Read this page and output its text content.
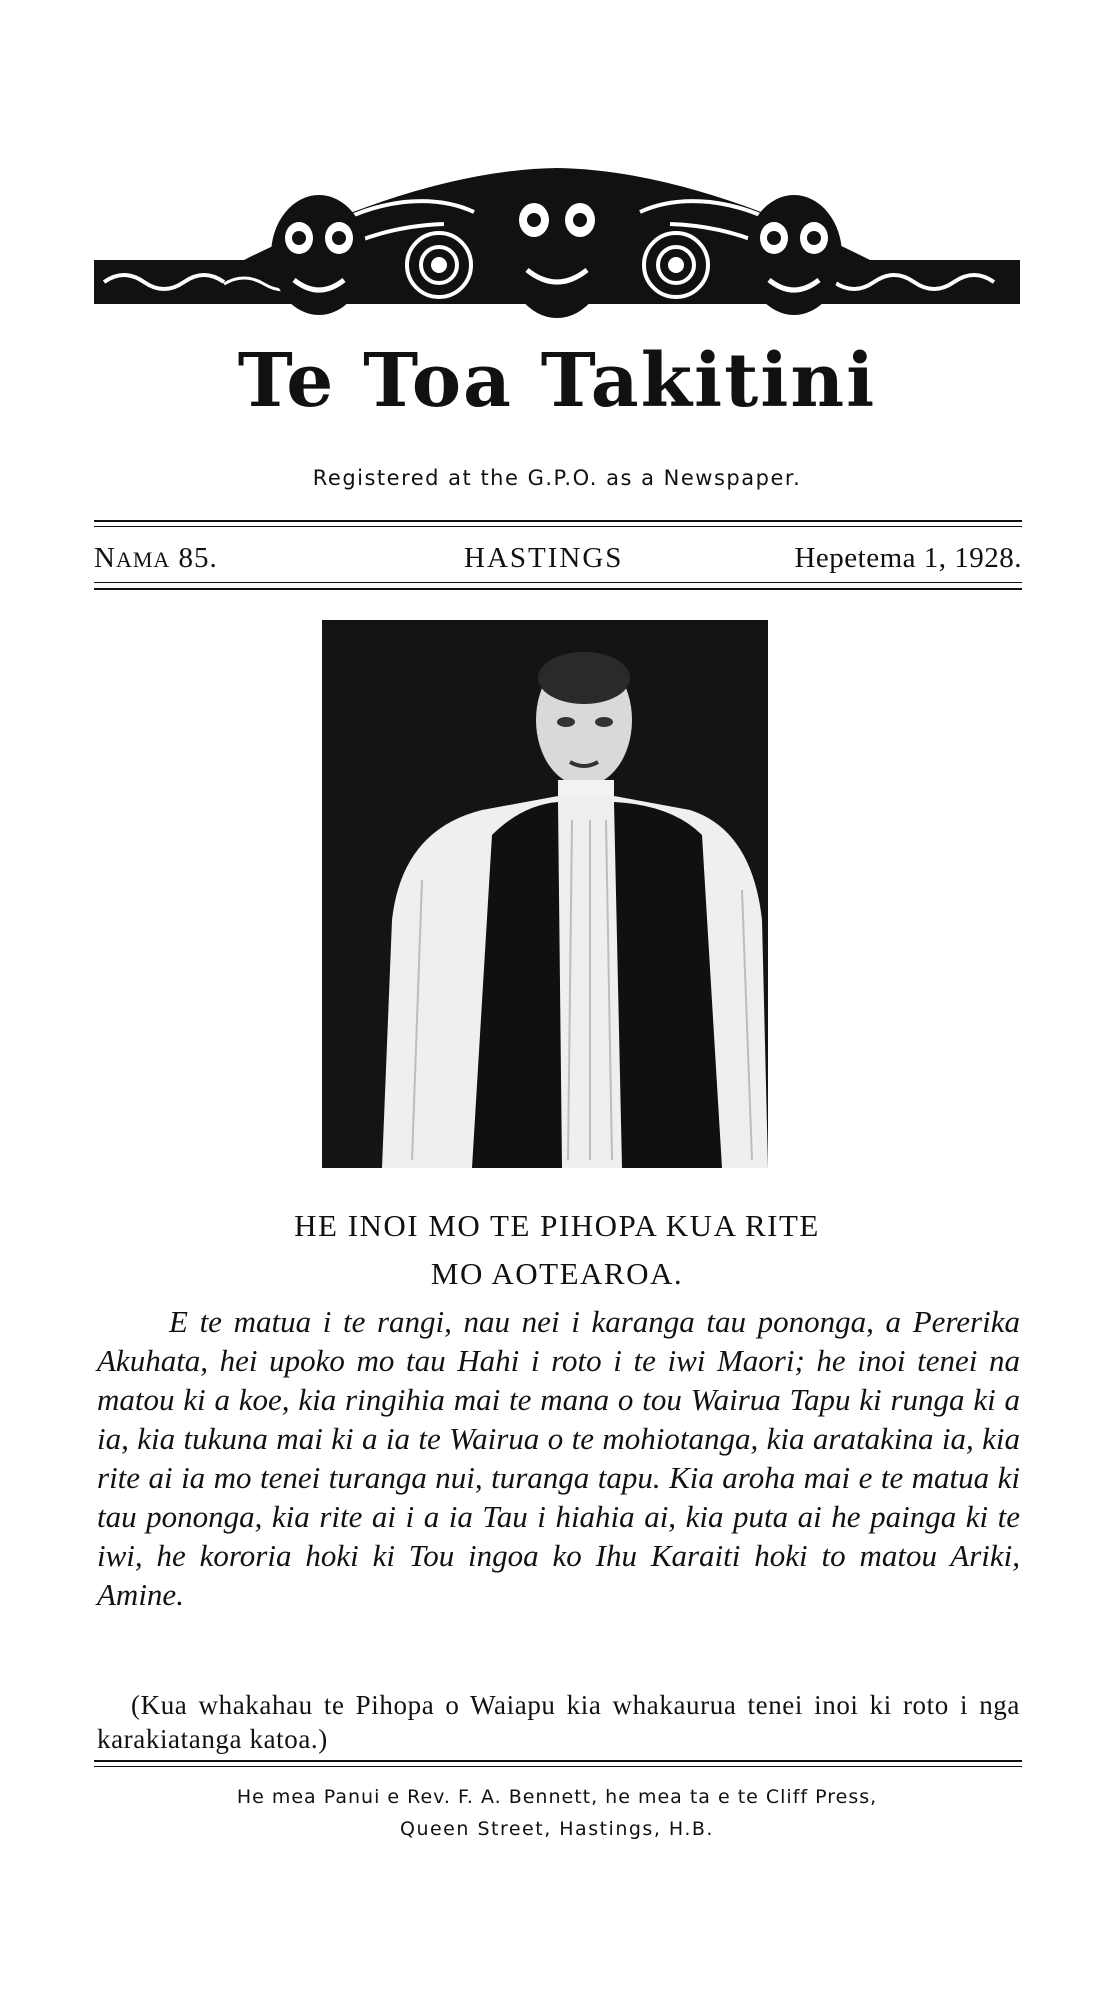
Te Toa Takitini
Registered at the G.P.O. as a Newspaper.
NAMA 85.	HASTINGS	Hepetema 1, 1928.
HE INOI MO TE PIHOPA KUA RITE
MO AOTEAROA.

E te matua i te rangi, nau nei i karanga tau pononga, a Pererika Akuhata, hei upoko mo tau Hahi i roto i te iwi Maori; he inoi tenei na matou ki a koe, kia ringihia mai te mana o tou Wairua Tapu ki runga ki a ia, kia tukuna mai ki a ia te Wairua o te mohiotanga, kia aratakina ia, kia rite ai ia mo tenei turanga nui, turanga tapu. Kia aroha mai e te matua ki tau pononga, kia rite ai i a ia Tau i hiahia ai, kia puta ai he painga ki te iwi, he kororia hoki ki Tou ingoa ko Ihu Karaiti hoki to matou Ariki, Amine.

(Kua whakahau te Pihopa o Waiapu kia whakaurua tenei inoi ki roto i nga karakiatanga katoa.)

He mea Panui e Rev. F. A. Bennett, he mea ta e te Cliff Press,
Queen Street, Hastings, H.B.
